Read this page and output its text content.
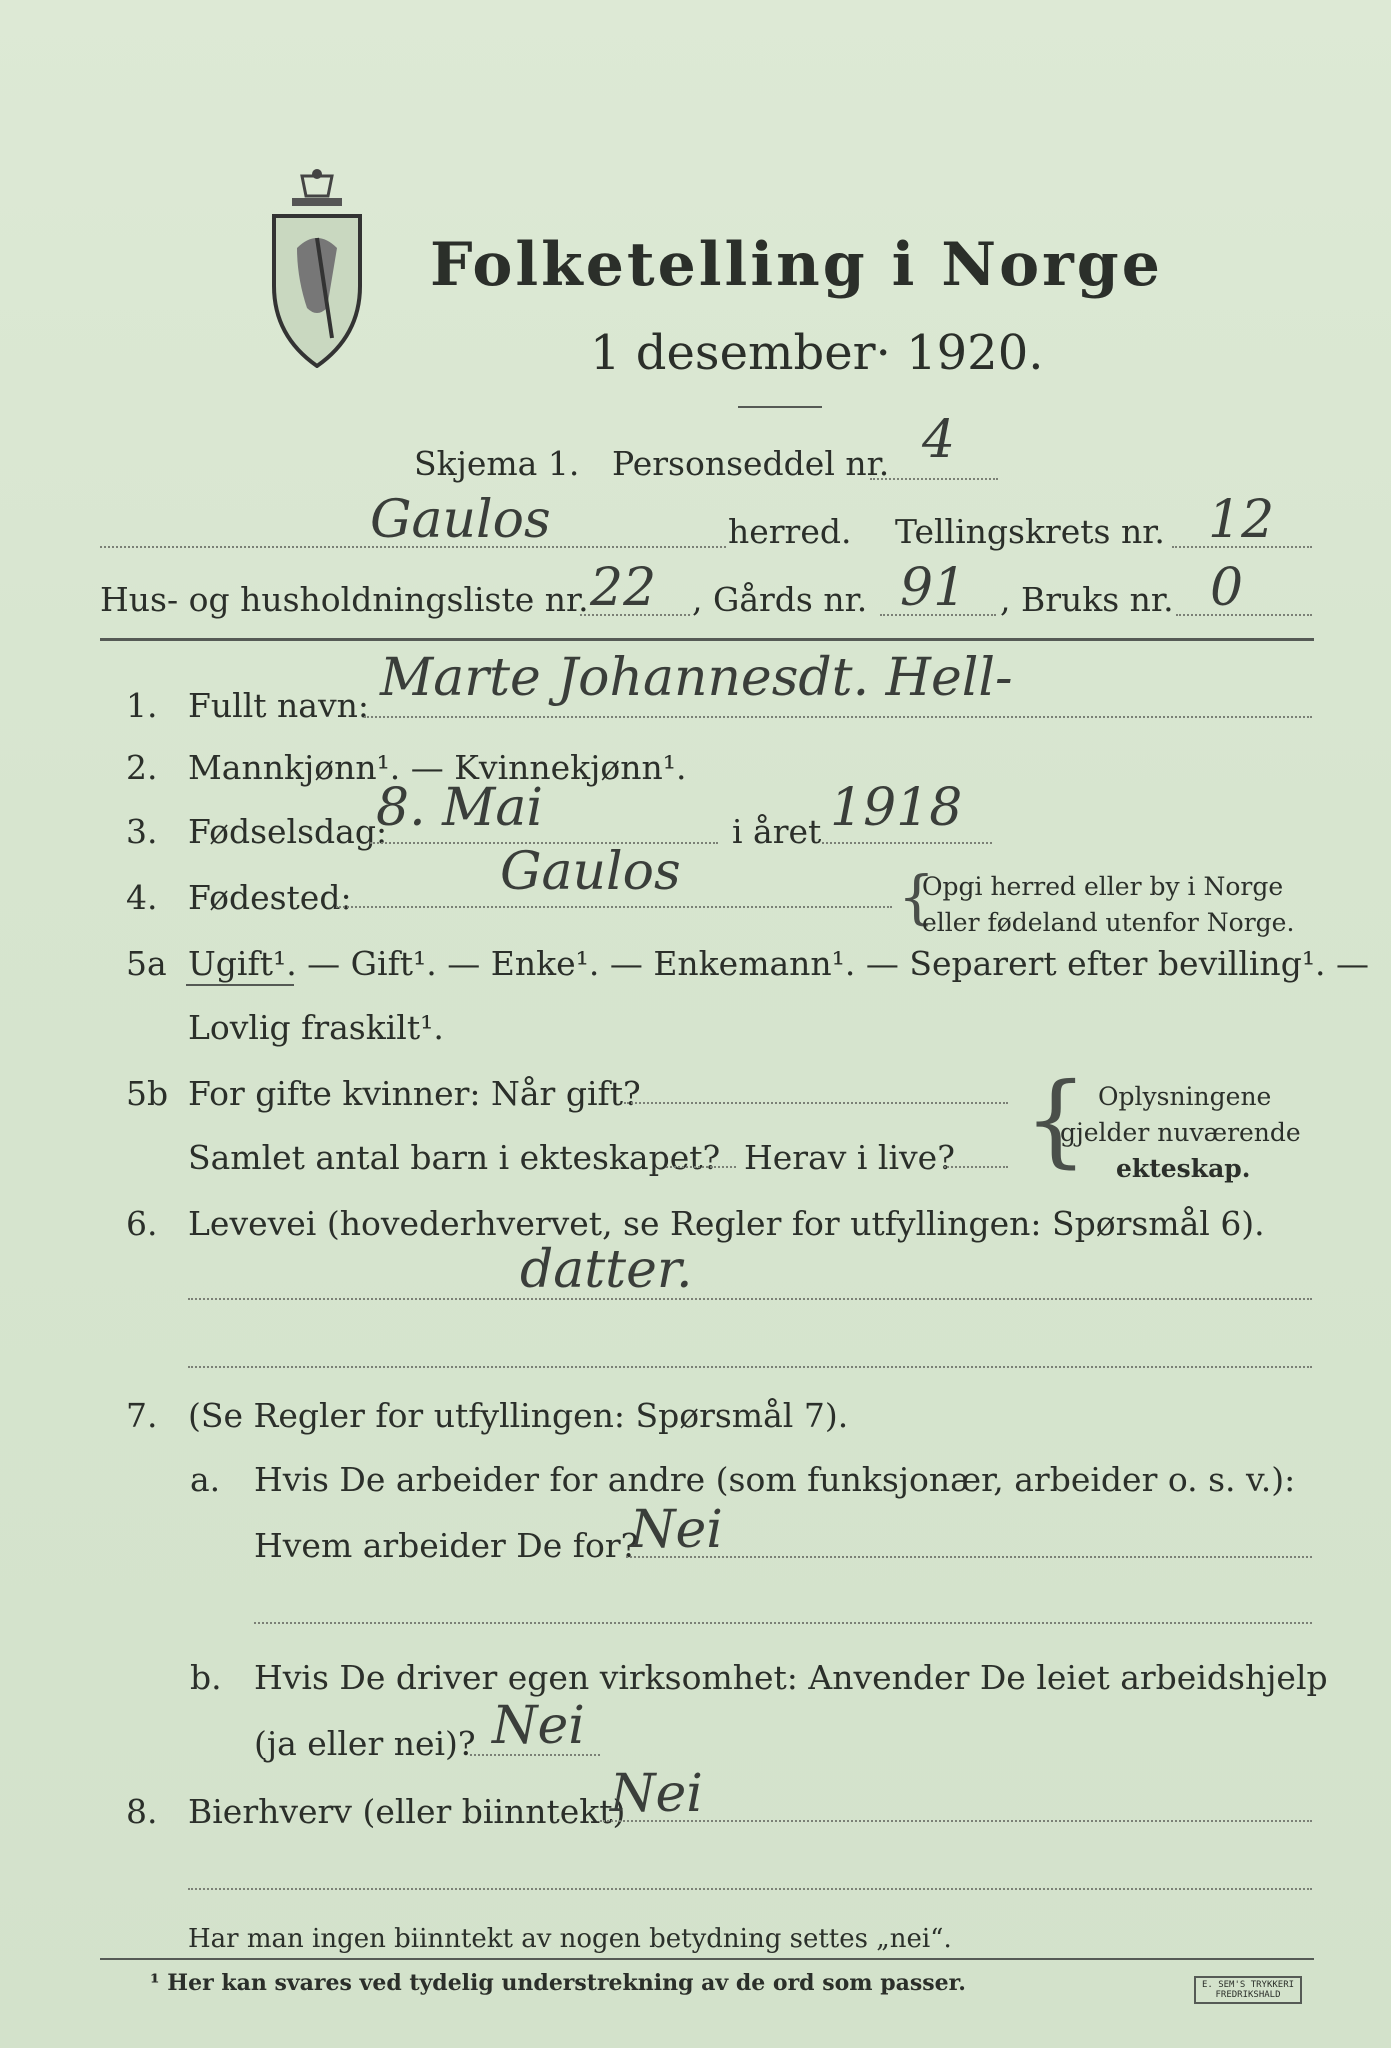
Folketelling i Norge
1 desember· 1920.
Skjema 1. Personseddel nr. 4
Gaulos	herred. Tellingskrets nr. 12
Hus- og husholdningsliste nr. 22 , Gårds nr. 91 , Bruks nr. 0
1. Fullt navn: Marte Johannesdt. Hell-
2. Mannkjønn¹. — Kvinnekjønn¹.
3. Fødselsdag:
8. Mai	i året 1918
4. Fødested:	Gaulos	{
Opgi herred eller by i Norge
eller fødeland utenfor Norge.
5a Ugift¹. — Gift¹. — Enke¹. — Enkemann¹. — Separert efter bevilling¹. —
Lovlig fraskilt¹.
5b For gifte kvinner: Når gift?
Samlet antal barn i ekteskapet? Herav i live? { Oplysningene
gjelder nuværende
ekteskap.
6. Levevei (hovederhvervet, se Regler for utfyllingen: Spørsmål 6).
datter.
7. (Se Regler for utfyllingen: Spørsmål 7).
a. Hvis De arbeider for andre (som funksjonær, arbeider o. s. v.):
Hvem arbeider De for?
Nei
b. Hvis De driver egen virksomhet: Anvender De leiet arbeidshjelp
(ja eller nei)? Nei
8. Bierhverv (eller biinntekt)
Nei
Har man ingen biinntekt av nogen betydning settes „nei“.
¹ Her kan svares ved tydelig understrekning av de ord som passer.	E. SEM'S TRYKKERI FREDRIKSHALD
